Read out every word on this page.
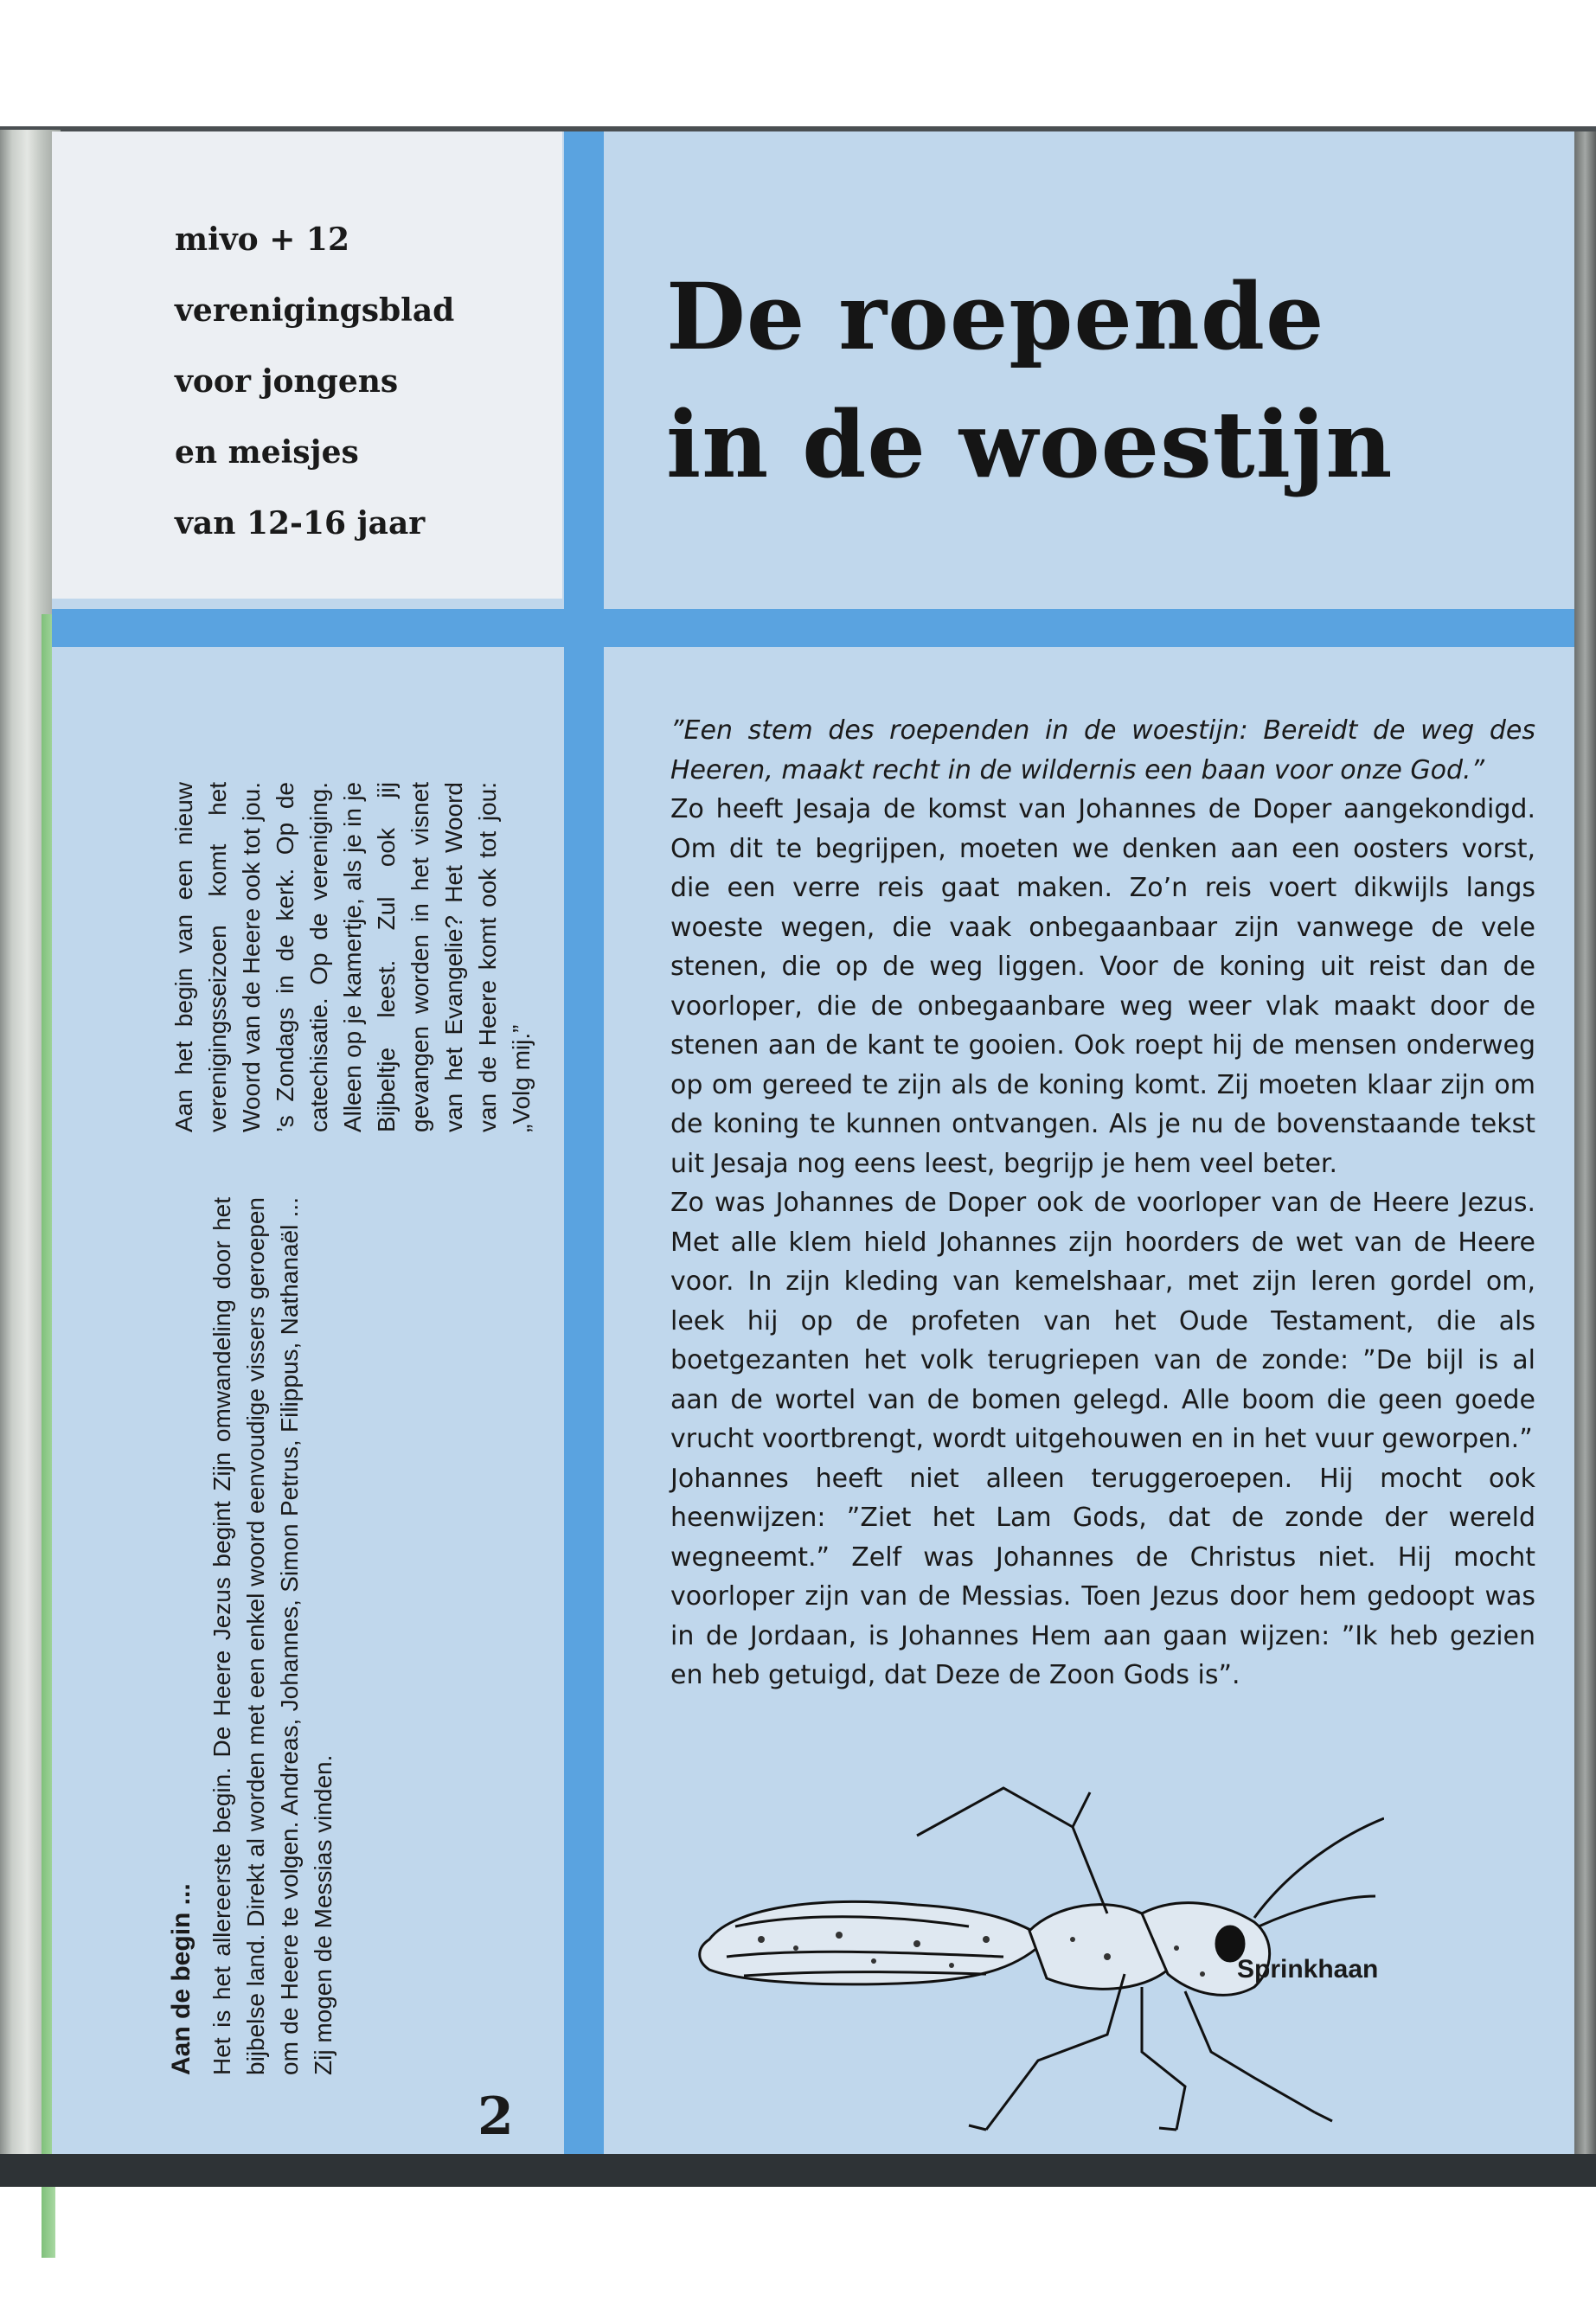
mivo + 12
verenigingsblad
voor jongens
en meisjes
van 12-16 jaar
De roepende
in de woestijn
Aan de begin ... Het is het allereerste begin. De Heere Jezus begint Zijn omwandeling door het bijbelse land. Direkt al worden met een enkel woord eenvoudige vissers geroepen om de Heere te volgen. Andreas, Johannes, Simon Petrus, Filippus, Nathanaël ... Zij mogen de Messias vinden.

Aan het begin van een nieuw verenigingsseizoen komt het Woord van de Heere ook tot jou. ’s Zondags in de kerk. Op de catechisatie. Op de vereniging. Alleen op je kamertje, als je in je Bijbeltje leest. Zul ook jij gevangen worden in het visnet van het Evangelie? Het Woord van de Heere komt ook tot jou: „Volg mij.”

2

”Een stem des roependen in de woestijn: Bereidt de weg des Heeren, maakt recht in de wildernis een baan voor onze God.”

Zo heeft Jesaja de komst van Johannes de Doper aangekondigd. Om dit te begrijpen, moeten we denken aan een oosters vorst, die een verre reis gaat maken. Zo’n reis voert dikwijls langs woeste wegen, die vaak onbegaanbaar zijn vanwege de vele stenen, die op de weg liggen. Voor de koning uit reist dan de voorloper, die de onbegaanbare weg weer vlak maakt door de stenen aan de kant te gooien. Ook roept hij de mensen onderweg op om gereed te zijn als de koning komt. Zij moeten klaar zijn om de koning te kunnen ontvangen. Als je nu de bovenstaande tekst uit Jesaja nog eens leest, begrijp je hem veel beter.

Zo was Johannes de Doper ook de voorloper van de Heere Jezus. Met alle klem hield Johannes zijn hoorders de wet van de Heere voor. In zijn kleding van kemelshaar, met zijn leren gordel om, leek hij op de profeten van het Oude Testament, die als boetgezanten het volk terugriepen van de zonde: ”De bijl is al aan de wortel van de bomen gelegd. Alle boom die geen goede vrucht voortbrengt, wordt uitgehouwen en in het vuur geworpen.”

Johannes heeft niet alleen teruggeroepen. Hij mocht ook heenwijzen: ”Ziet het Lam Gods, dat de zonde der wereld wegneemt.” Zelf was Johannes de Christus niet. Hij mocht voorloper zijn van de Messias. Toen Jezus door hem gedoopt was in de Jordaan, is Johannes Hem aan gaan wijzen: ”Ik heb gezien en heb getuigd, dat Deze de Zoon Gods is”.

Sprinkhaan
